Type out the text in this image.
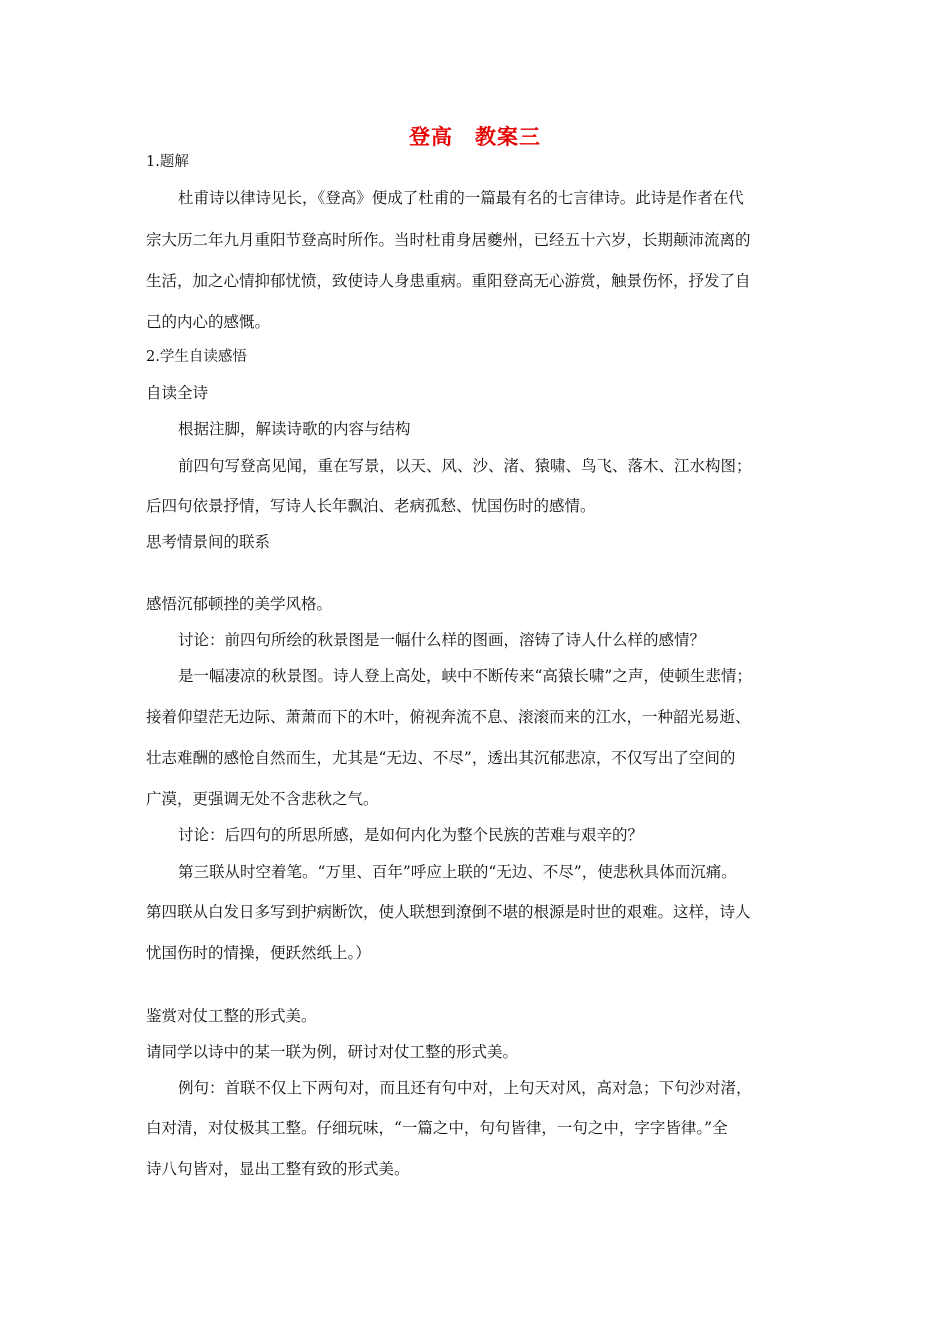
登高　教案三
1.题解
杜甫诗以律诗见长，《登高》便成了杜甫的一篇最有名的七言律诗。此诗是作者在代
宗大历二年九月重阳节登高时所作。当时杜甫身居夔州，已经五十六岁，长期颠沛流离的
生活，加之心情抑郁忧愤，致使诗人身患重病。重阳登高无心游赏，触景伤怀，抒发了自
己的内心的感慨。
2.学生自读感悟
自读全诗
根据注脚，解读诗歌的内容与结构
前四句写登高见闻，重在写景，以天、风、沙、渚、猿啸、鸟飞、落木、江水构图；
后四句依景抒情，写诗人长年飘泊、老病孤愁、忧国伤时的感情。
思考情景间的联系
感悟沉郁顿挫的美学风格。
讨论：前四句所绘的秋景图是一幅什么样的图画，溶铸了诗人什么样的感情？
是一幅凄凉的秋景图。诗人登上高处，峡中不断传来“高猿长啸”之声，使顿生悲情；
接着仰望茫无边际、萧萧而下的木叶，俯视奔流不息、滚滚而来的江水，一种韶光易逝、
壮志难酬的感怆自然而生，尤其是“无边、不尽”，透出其沉郁悲凉，不仅写出了空间的
广漠，更强调无处不含悲秋之气。
讨论：后四句的所思所感，是如何内化为整个民族的苦难与艰辛的？
第三联从时空着笔。“万里、百年”呼应上联的“无边、不尽”，使悲秋具体而沉痛。
第四联从白发日多写到护病断饮，使人联想到潦倒不堪的根源是时世的艰难。这样，诗人
忧国伤时的情操，便跃然纸上。）
鉴赏对仗工整的形式美。
请同学以诗中的某一联为例，研讨对仗工整的形式美。
例句：首联不仅上下两句对，而且还有句中对，上句天对风，高对急；下句沙对渚，
白对清，对仗极其工整。仔细玩味，“一篇之中，句句皆律，一句之中，字字皆律。”全
诗八句皆对，显出工整有致的形式美。
